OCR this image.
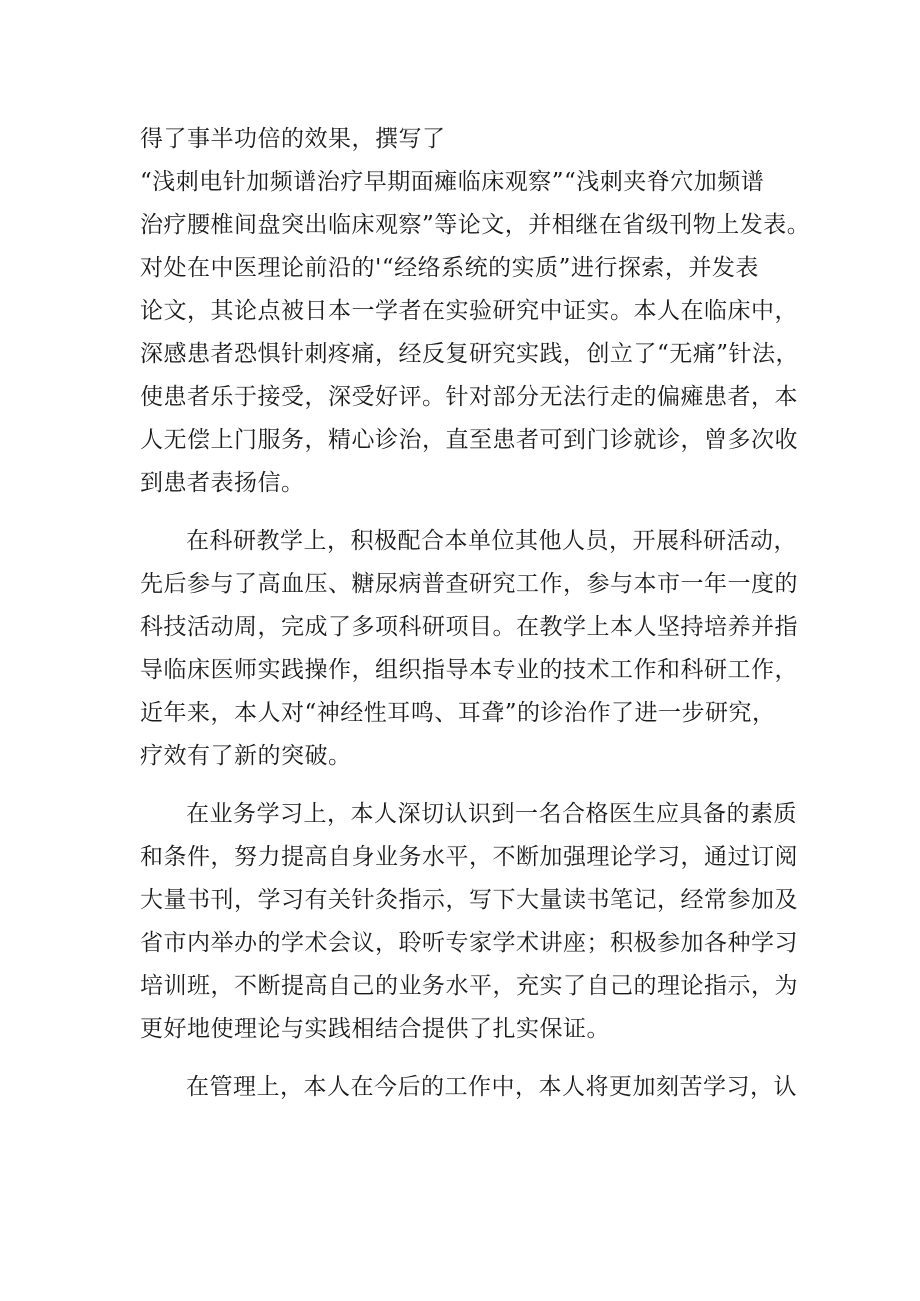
得了事半功倍的效果，撰写了
“浅刺电针加频谱治疗早期面瘫临床观察”“浅刺夹脊穴加频谱
治疗腰椎间盘突出临床观察”等论文，并相继在省级刊物上发表。
对处在中医理论前沿的'“经络系统的实质”进行探索，并发表
论文，其论点被日本一学者在实验研究中证实。本人在临床中，
深感患者恐惧针刺疼痛，经反复研究实践，创立了“无痛”针法，
使患者乐于接受，深受好评。针对部分无法行走的偏瘫患者，本
人无偿上门服务，精心诊治，直至患者可到门诊就诊，曾多次收
到患者表扬信。
在科研教学上，积极配合本单位其他人员，开展科研活动，
先后参与了高血压、糖尿病普查研究工作，参与本市一年一度的
科技活动周，完成了多项科研项目。在教学上本人坚持培养并指
导临床医师实践操作，组织指导本专业的技术工作和科研工作，
近年来，本人对“神经性耳鸣、耳聋”的诊治作了进一步研究，
疗效有了新的突破。
在业务学习上，本人深切认识到一名合格医生应具备的素质
和条件，努力提高自身业务水平，不断加强理论学习，通过订阅
大量书刊，学习有关针灸指示，写下大量读书笔记，经常参加及
省市内举办的学术会议，聆听专家学术讲座；积极参加各种学习
培训班，不断提高自己的业务水平，充实了自己的理论指示，为
更好地使理论与实践相结合提供了扎实保证。
在管理上，本人在今后的工作中，本人将更加刻苦学习，认
